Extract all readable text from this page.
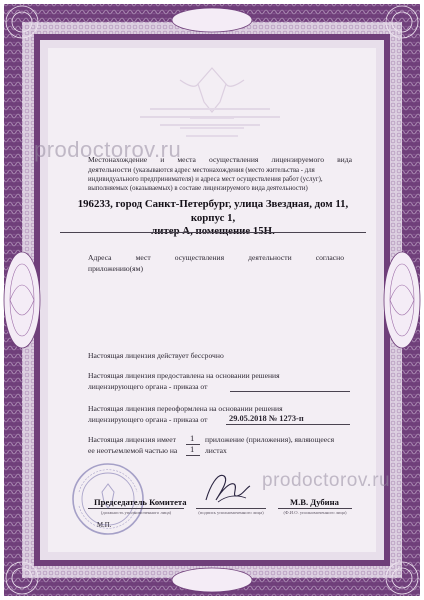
Местонахождение и места осуществления лицензируемого вида
деятельности (указываются адрес местонахождения (место жительства - для
индивидуального предпринимателя) и адреса мест осуществления работ (услуг),
выполняемых (оказываемых) в составе лицензируемого вида деятельности)
196233, город Санкт-Петербург, улица Звездная, дом 11, корпус 1,
литер А, помещение 15Н.
Адреса	мест	осуществления	деятельности	согласно
приложению(ям)
Настоящая лицензия действует бессрочно
Настоящая лицензия предоставлена на основании решения
лицензирующего органа - приказа от
Настоящая лицензия переоформлена на основании решения
лицензирующего органа - приказа от	29.05.2018 № 1273-п
Настоящая лицензия имеет 1 приложение (приложения), являющееся
ее неотъемлемой частью на 1 листах
Председатель Комитета	М.В. Дубина
(должность уполномоченного лица)	(подпись уполномоченного лица)	(Ф.И.О. уполномоченного лица)
М.П.
prodoctorov.ru
prodoctorov.ru
